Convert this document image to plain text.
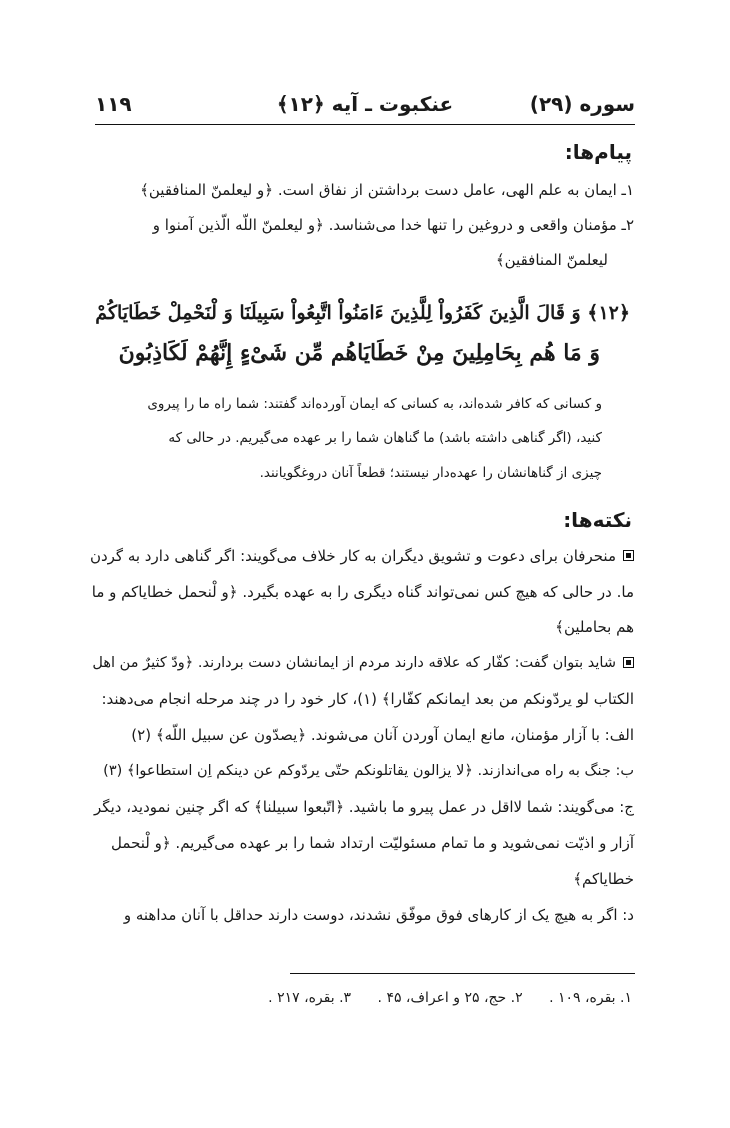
سوره (۲۹)
عنکبوت ـ آیه ﴿۱۲﴾
۱۱۹
پیام‌ها:
۱ـ ایمان به علم الهی، عامل دست برداشتن از نفاق است. ﴿و لیعلمنّ المنافقین﴾
۲ـ مؤمنان واقعی و دروغین را تنها خدا می‌شناسد. ﴿و لیعلمنّ اللّه الّذین آمنوا و
لیعلمنّ المنافقین﴾
﴿۱۲﴾ وَ قَالَ الَّذِينَ كَفَرُواْ لِلَّذِينَ ءَامَنُواْ اتَّبِعُواْ سَبِيلَنَا وَ لْنَحْمِلْ خَطَايَاكُمْ
وَ مَا هُم بِحَامِلِينَ مِنْ خَطَايَاهُم مِّن شَىْءٍ إِنَّهُمْ لَكَاذِبُونَ
و کسانی که کافر شده‌اند، به کسانی که ایمان آورده‌اند گفتند: شما راه ما را پیروی
کنید، (اگر گناهی داشته باشد) ما گناهان شما را بر عهده می‌گیریم. در حالی که
چیزی از گناهانشان را عهده‌دار نیستند؛ قطعاً آنان دروغگویانند.
نکته‌ها:
منحرفان برای دعوت و تشویق دیگران به کار خلاف می‌گویند: اگر گناهی دارد به گردن
ما. در حالی که هیچ کس نمی‌تواند گناه دیگری را به عهده بگیرد. ﴿و لْنحمل خطایاکم و ما
هم بحاملین﴾
شاید بتوان گفت: کفّار که علاقه دارند مردم از ایمانشان دست بردارند. ﴿ودّ کثیرٌ من اهل
الکتاب لو یردّونکم من بعد ایمانکم کفّارا﴾ (۱)، کار خود را در چند مرحله انجام می‌دهند:
الف: با آزار مؤمنان، مانع ایمان آوردن آنان می‌شوند. ﴿یصدّون عن سبیل اللّه﴾ (۲)
ب: جنگ به راه می‌اندازند. ﴿لا یزالون یقاتلونکم حتّی یردّوکم عن دینکم اِن استطاعوا﴾ (۳)
ج: می‌گویند: شما لااقل در عمل پیرو ما باشید. ﴿اتّبعوا سبیلنا﴾ که اگر چنین نمودید، دیگر
آزار و اذیّت نمی‌شوید و ما تمام مسئولیّت ارتداد شما را بر عهده می‌گیریم. ﴿و لْنحمل
خطایاکم﴾
د: اگر به هیچ یک از کارهای فوق موفّق نشدند، دوست دارند حداقل با آنان مداهنه و
۱. بقره، ۱۰۹ . ۲. حج، ۲۵ و اعراف، ۴۵ . ۳. بقره، ۲۱۷ .
